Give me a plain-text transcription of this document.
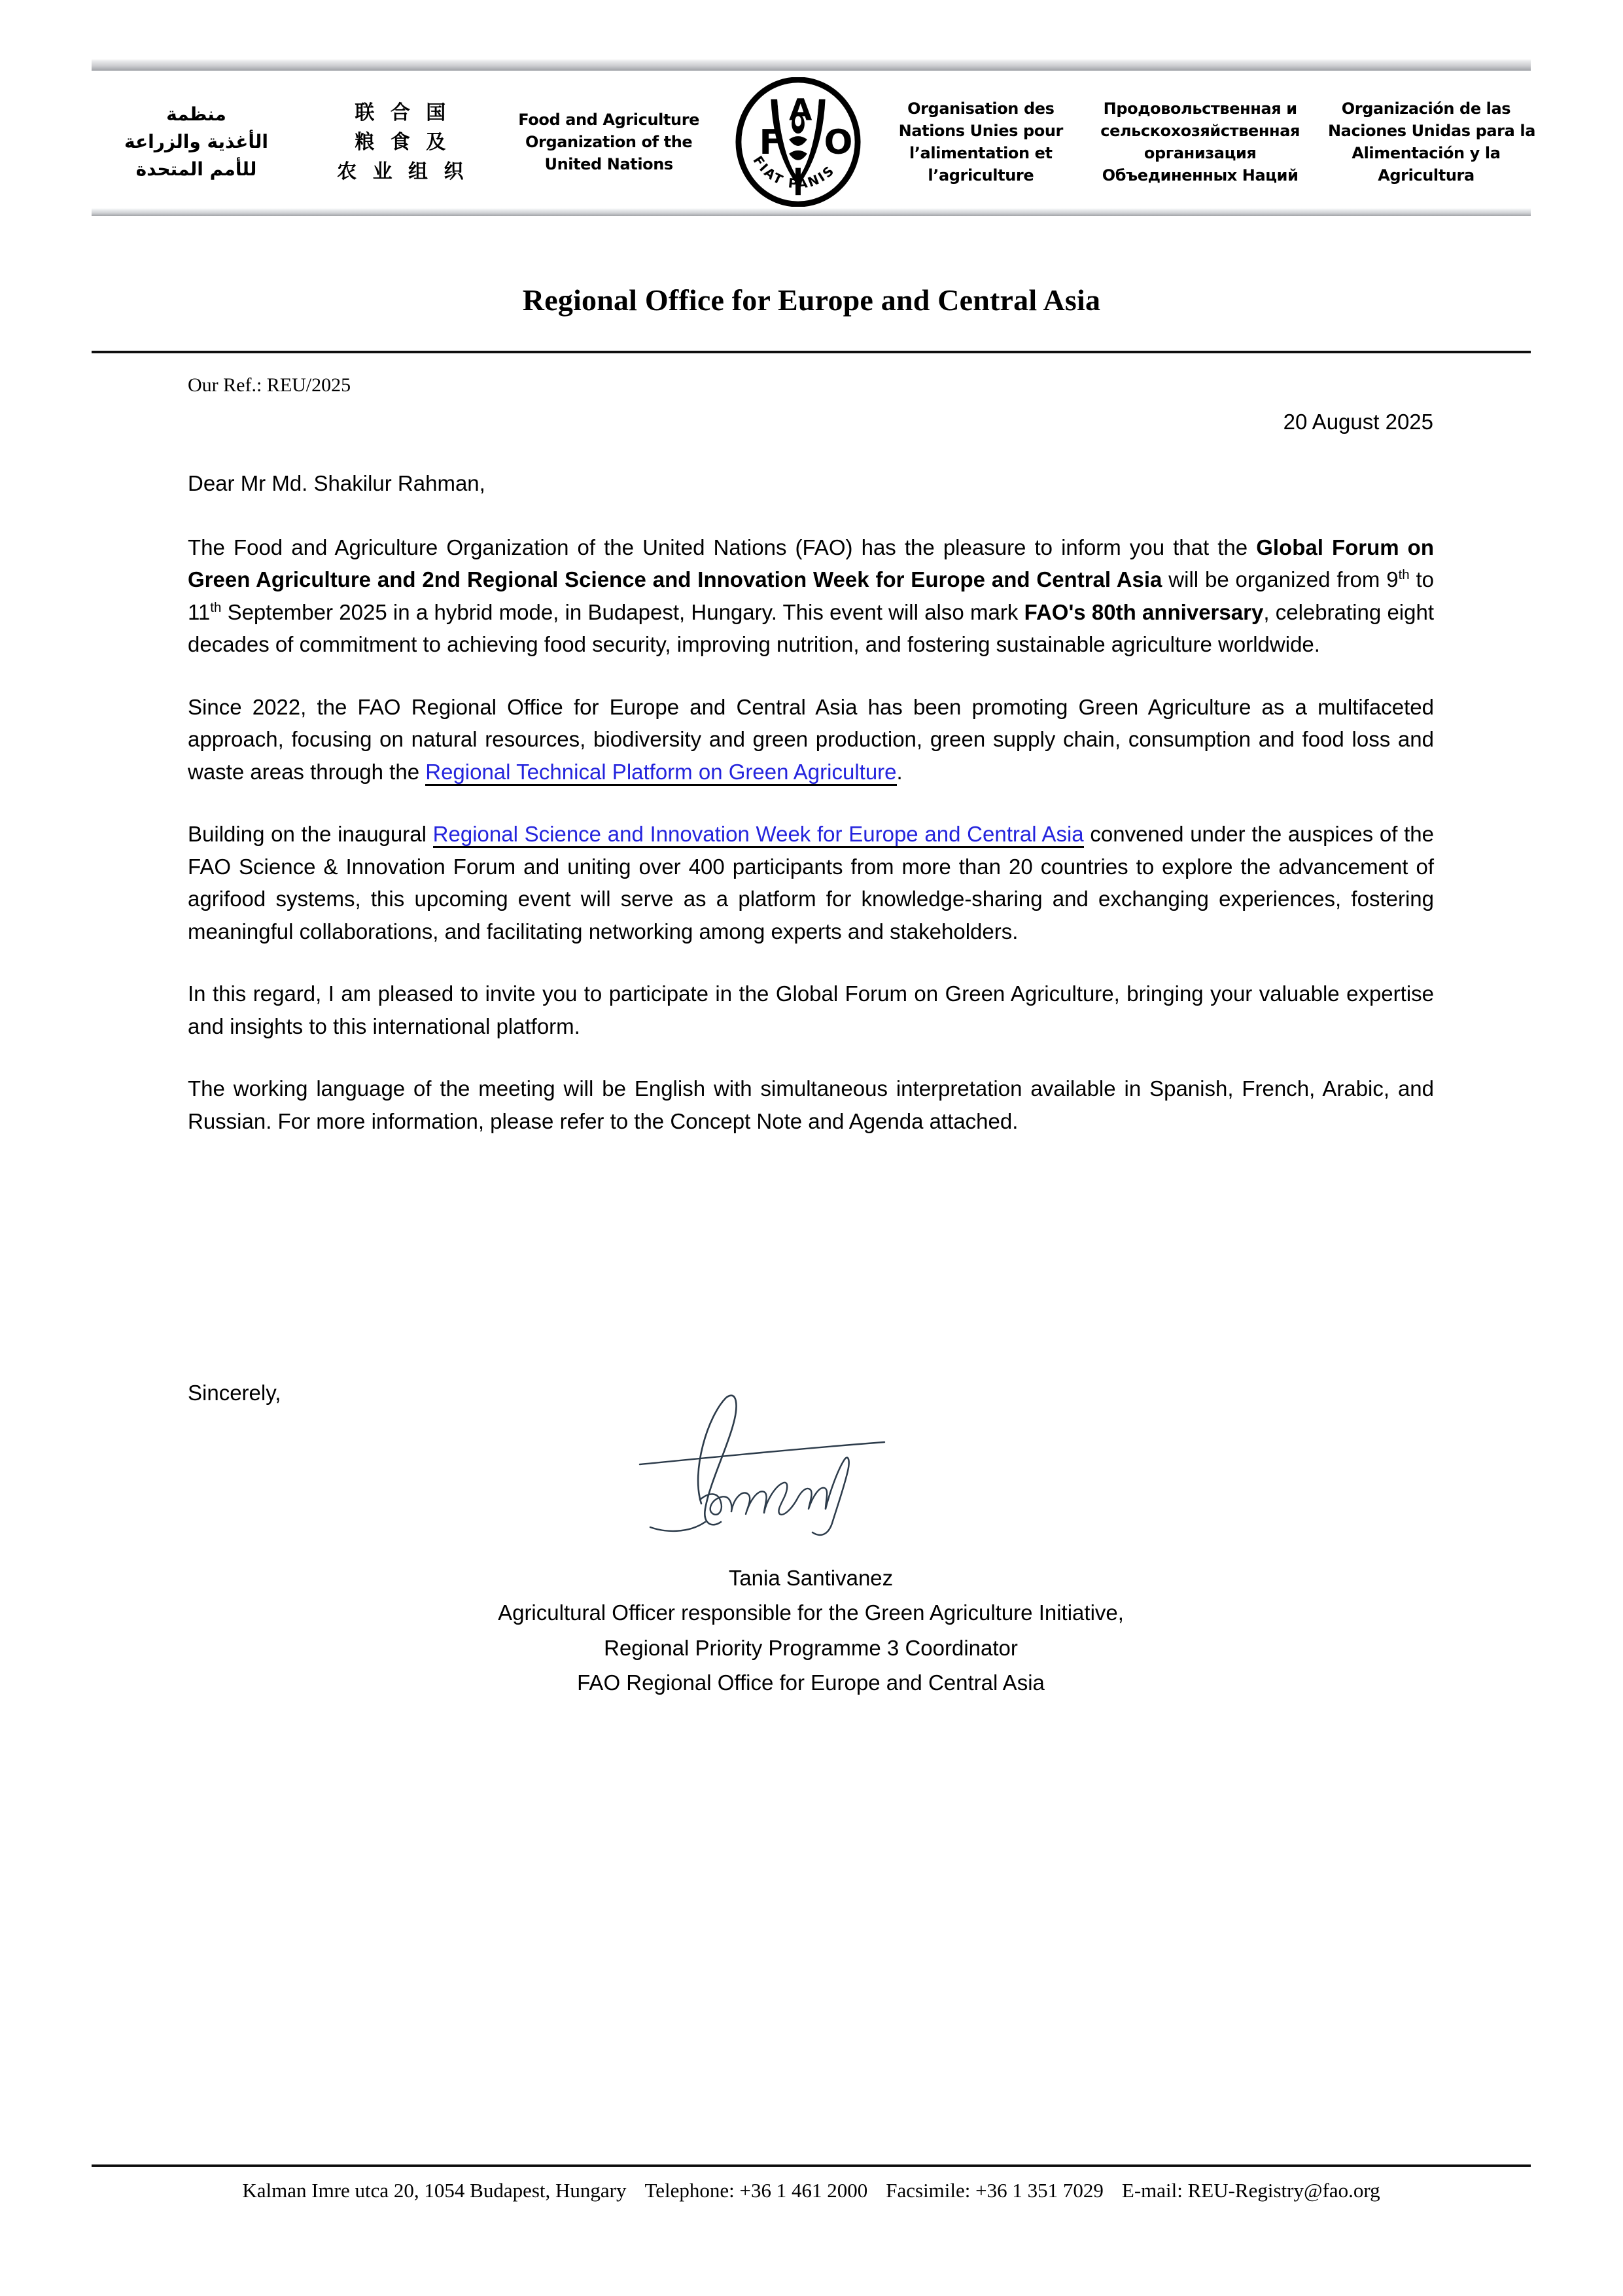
منظمة
الأغذية والزراعة
للأمم المتحدة
联 合 国
粮 食 及
农 业 组 织
Food and Agriculture
Organization of the
United Nations
F
A
O
FIAT PANIS
Organisation des
Nations Unies pour
l’alimentation et
l’agriculture
Продовольственная и
сельскохозяйственная
организация
Объединенных Наций
Organización de las
Naciones Unidas para la
Alimentación y la
Agricultura
Regional Office for Europe and Central Asia
Our Ref.: REU/2025
20 August 2025

Dear Mr Md. Shakilur Rahman,

The Food and Agriculture Organization of the United Nations (FAO) has the pleasure to inform you that the Global Forum on Green Agriculture and 2nd Regional Science and Innovation Week for Europe and Central Asia will be organized from 9th to 11th September 2025 in a hybrid mode, in Budapest, Hungary. This event will also mark FAO's 80th anniversary, celebrating eight decades of commitment to achieving food security, improving nutrition, and fostering sustainable agriculture worldwide.

Since 2022, the FAO Regional Office for Europe and Central Asia has been promoting Green Agriculture as a multifaceted approach, focusing on natural resources, biodiversity and green production, green supply chain, consumption and food loss and waste areas through the Regional Technical Platform on Green Agriculture.

Building on the inaugural Regional Science and Innovation Week for Europe and Central Asia convened under the auspices of the FAO Science & Innovation Forum and uniting over 400 participants from more than 20 countries to explore the advancement of agrifood systems, this upcoming event will serve as a platform for knowledge-sharing and exchanging experiences, fostering meaningful collaborations, and facilitating networking among experts and stakeholders.

In this regard, I am pleased to invite you to participate in the Global Forum on Green Agriculture, bringing your valuable expertise and insights to this international platform.

The working language of the meeting will be English with simultaneous interpretation available in Spanish, French, Arabic, and Russian. For more information, please refer to the Concept Note and Agenda attached.

Sincerely,
Tania Santivanez
Agricultural Officer responsible for the Green Agriculture Initiative,
Regional Priority Programme 3 Coordinator
FAO Regional Office for Europe and Central Asia
Kalman Imre utca 20, 1054 Budapest, Hungary Telephone: +36 1 461 2000 Facsimile: +36 1 351 7029 E-mail: REU-Registry@fao.org
